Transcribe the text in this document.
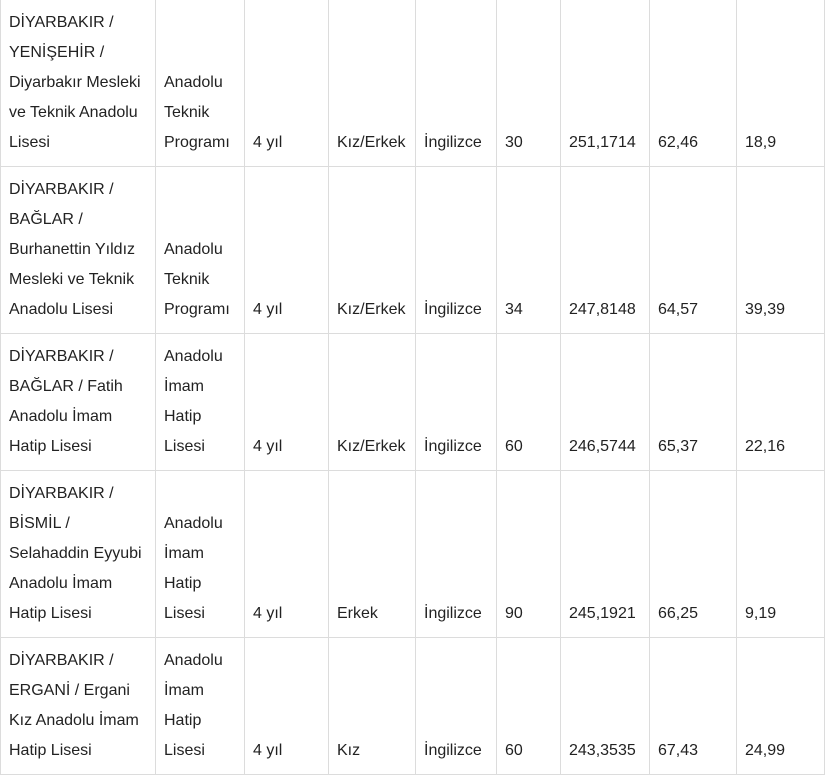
DİYARBAKIR /
YENİŞEHİR /
Diyarbakır Mesleki
ve Teknik Anadolu
Lisesi	Anadolu
Teknik
Programı	4 yıl	Kız/Erkek	İngilizce	30	251,1714	62,46	18,9

DİYARBAKIR /
BAĞLAR /
Burhanettin Yıldız
Mesleki ve Teknik
Anadolu Lisesi	Anadolu
Teknik
Programı	4 yıl	Kız/Erkek	İngilizce	34	247,8148	64,57	39,39

DİYARBAKIR /
BAĞLAR / Fatih
Anadolu İmam
Hatip Lisesi	Anadolu
İmam
Hatip
Lisesi	4 yıl	Kız/Erkek	İngilizce	60	246,5744	65,37	22,16

DİYARBAKIR /
BİSMİL /
Selahaddin Eyyubi
Anadolu İmam
Hatip Lisesi	Anadolu
İmam
Hatip
Lisesi	4 yıl	Erkek	İngilizce	90	245,1921	66,25	9,19

DİYARBAKIR /
ERGANİ / Ergani
Kız Anadolu İmam
Hatip Lisesi	Anadolu
İmam
Hatip
Lisesi	4 yıl	Kız	İngilizce	60	243,3535	67,43	24,99
